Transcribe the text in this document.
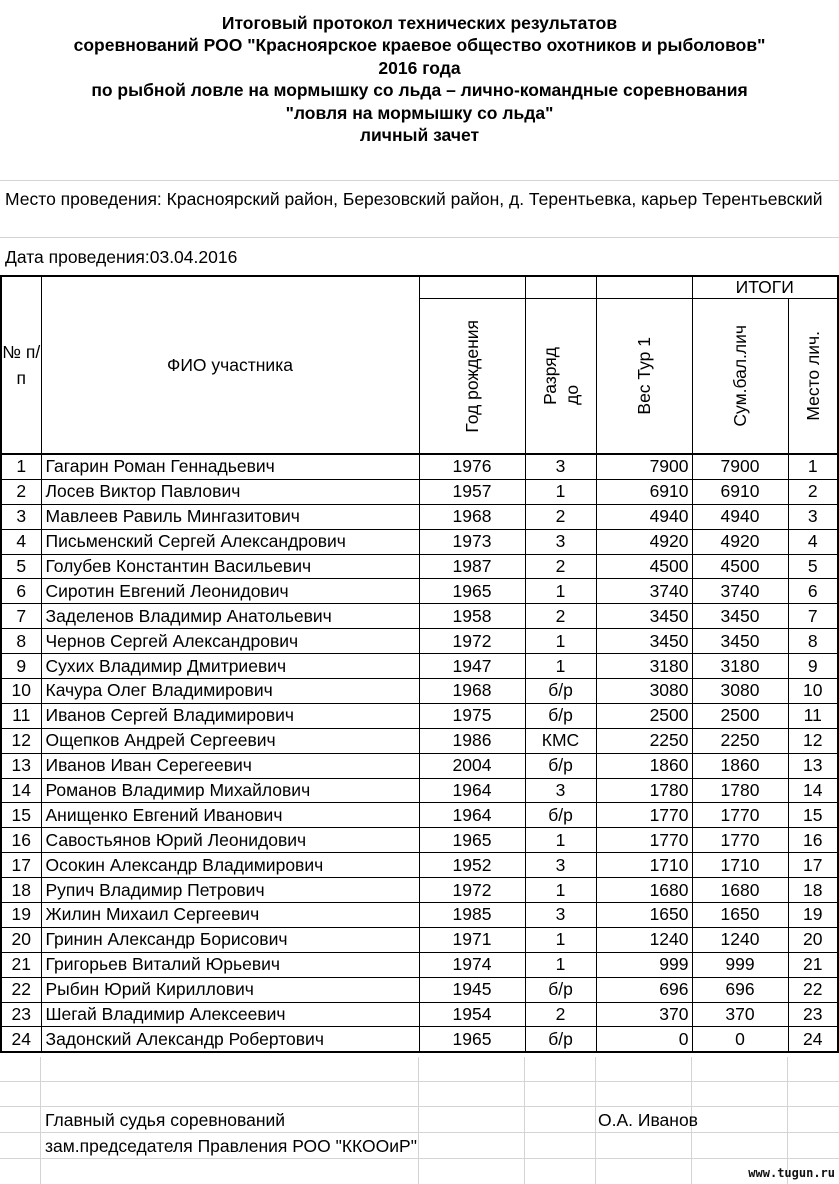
Итоговый протокол технических результатов
соревнований РОО "Красноярское краевое общество охотников и рыболовов"
2016 года
по рыбной ловле на мормышку со льда – лично-командные соревнования
"ловля на мормышку со льда"
личный зачет
Место проведения: Красноярский район, Березовский район, д. Терентьевка, карьер Терентьевский
Дата проведения:03.04.2016
№ п/п	ФИО участника				ИТОГИ	

		Год рождения	Разряд до	Вес Тур 1	Сум.бал.лич	Место лич.

1	Гагарин Роман Геннадьевич	1976	3	7900	7900	1
2	Лосев Виктор Павлович	1957	1	6910	6910	2
3	Мавлеев Равиль Мингазитович	1968	2	4940	4940	3
4	Письменский Сергей Александрович	1973	3	4920	4920	4
5	Голубев Константин Васильевич	1987	2	4500	4500	5
6	Сиротин Евгений Леонидович	1965	1	3740	3740	6
7	Заделенов Владимир Анатольевич	1958	2	3450	3450	7
8	Чернов Сергей Александрович	1972	1	3450	3450	8
9	Сухих Владимир Дмитриевич	1947	1	3180	3180	9
10	Качура Олег Владимирович	1968	б/р	3080	3080	10
11	Иванов Сергей Владимирович	1975	б/р	2500	2500	11
12	Ощепков Андрей Сергеевич	1986	КМС	2250	2250	12
13	Иванов Иван Серегеевич	2004	б/р	1860	1860	13
14	Романов Владимир Михайлович	1964	3	1780	1780	14
15	Анищенко Евгений Иванович	1964	б/р	1770	1770	15
16	Савостьянов Юрий Леонидович	1965	1	1770	1770	16
17	Осокин Александр Владимирович	1952	3	1710	1710	17
18	Рупич Владимир Петрович	1972	1	1680	1680	18
19	Жилин Михаил Сергеевич	1985	3	1650	1650	19
20	Гринин Александр Борисович	1971	1	1240	1240	20
21	Григорьев Виталий Юрьевич	1974	1	999	999	21
22	Рыбин Юрий Кириллович	1945	б/р	696	696	22
23	Шегай Владимир Алексеевич	1954	2	370	370	23
24	Задонский Александр Робертович	1965	б/р	0	0	24
Главный судья соревнований	О.А. Иванов
зам.председателя Правления РОО "ККООиР"
www.tugun.ru
